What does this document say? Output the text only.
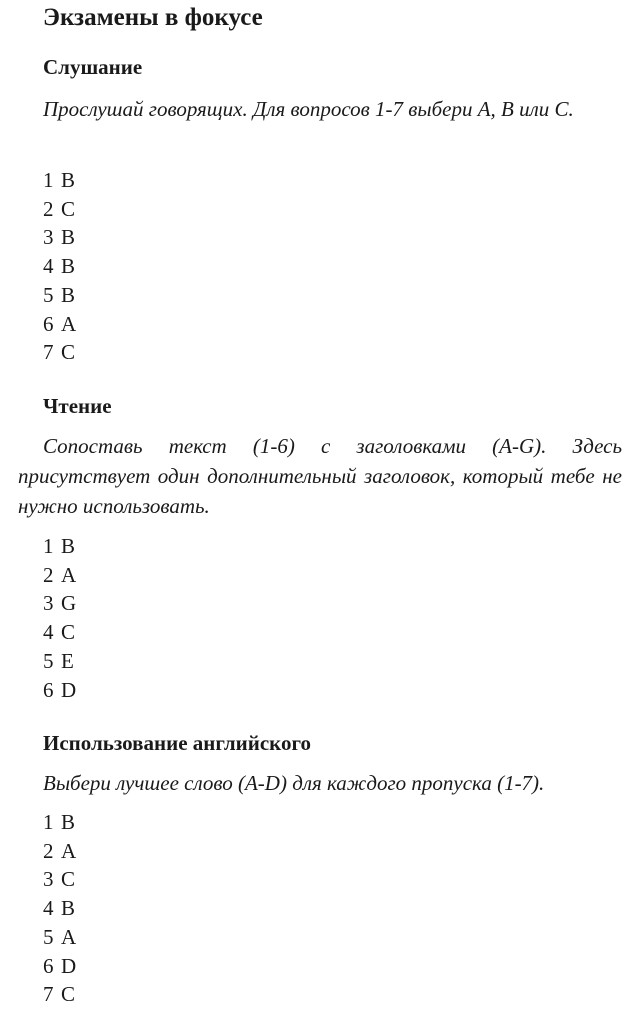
Экзамены в фокусе
Слушание

Прослушай говорящих. Для вопросов 1-7 выбери А, В или С.

1 B
2 C
3 B
4 B
5 B
6 A
7 C
Чтение

Сопоставь текст (1-6) с заголовками (A-G). Здесь присутствует один дополнительный заголовок, который тебе не нужно использовать.

1 B
2 A
3 G
4 C
5 E
6 D
Использование английского

Выбери лучшее слово (A-D) для каждого пропуска (1-7).

1 B
2 A
3 C
4 B
5 A
6 D
7 C
